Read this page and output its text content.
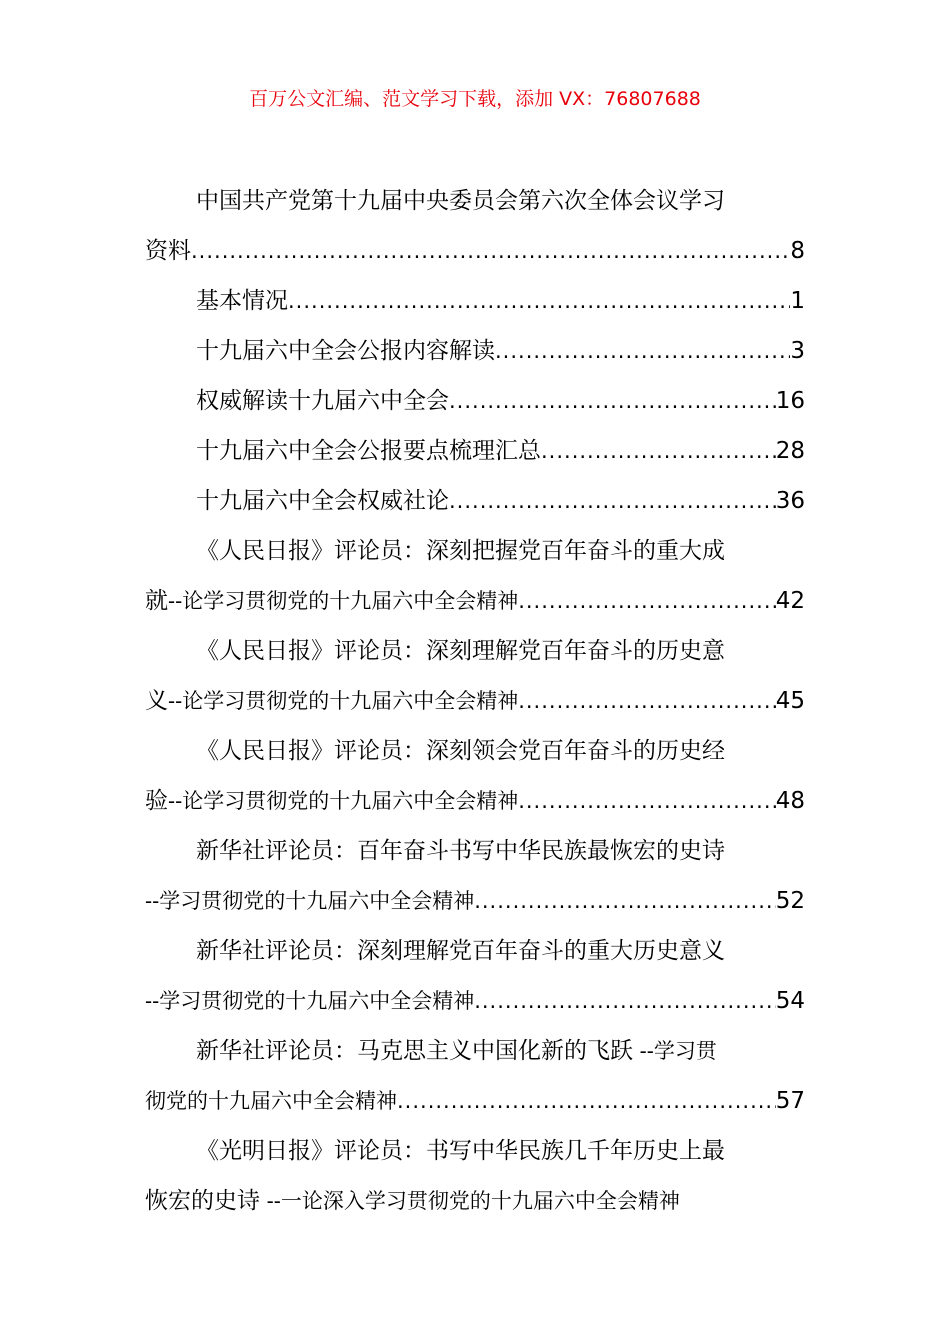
百万公文汇编、范文学习下载，添加 VX：76807688
中国共产党第十九届中央委员会第六次全体会议学习
资料 .....	8
基本情况 .....	1
十九届六中全会公报内容解读 .....	3
权威解读十九届六中全会 .....	16
十九届六中全会公报要点梳理汇总 .....	28
十九届六中全会权威社论 .....	36
《人民日报》评论员：深刻把握党百年奋斗的重大成
就 --论学习贯彻党的十九届六中全会精神 .....	42
《人民日报》评论员：深刻理解党百年奋斗的历史意
义 --论学习贯彻党的十九届六中全会精神 .....	45
《人民日报》评论员：深刻领会党百年奋斗的历史经
验 --论学习贯彻党的十九届六中全会精神 .....	48
新华社评论员：百年奋斗书写中华民族最恢宏的史诗
--学习贯彻党的十九届六中全会精神 .....	52
新华社评论员：深刻理解党百年奋斗的重大历史意义
--学习贯彻党的十九届六中全会精神 .....	54
新华社评论员：马克思主义中国化新的飞跃 --学习贯
彻党的十九届六中全会精神 .....	57
《光明日报》评论员：书写中华民族几千年历史上最
恢宏的史诗 --一论深入学习贯彻党的十九届六中全会精神
